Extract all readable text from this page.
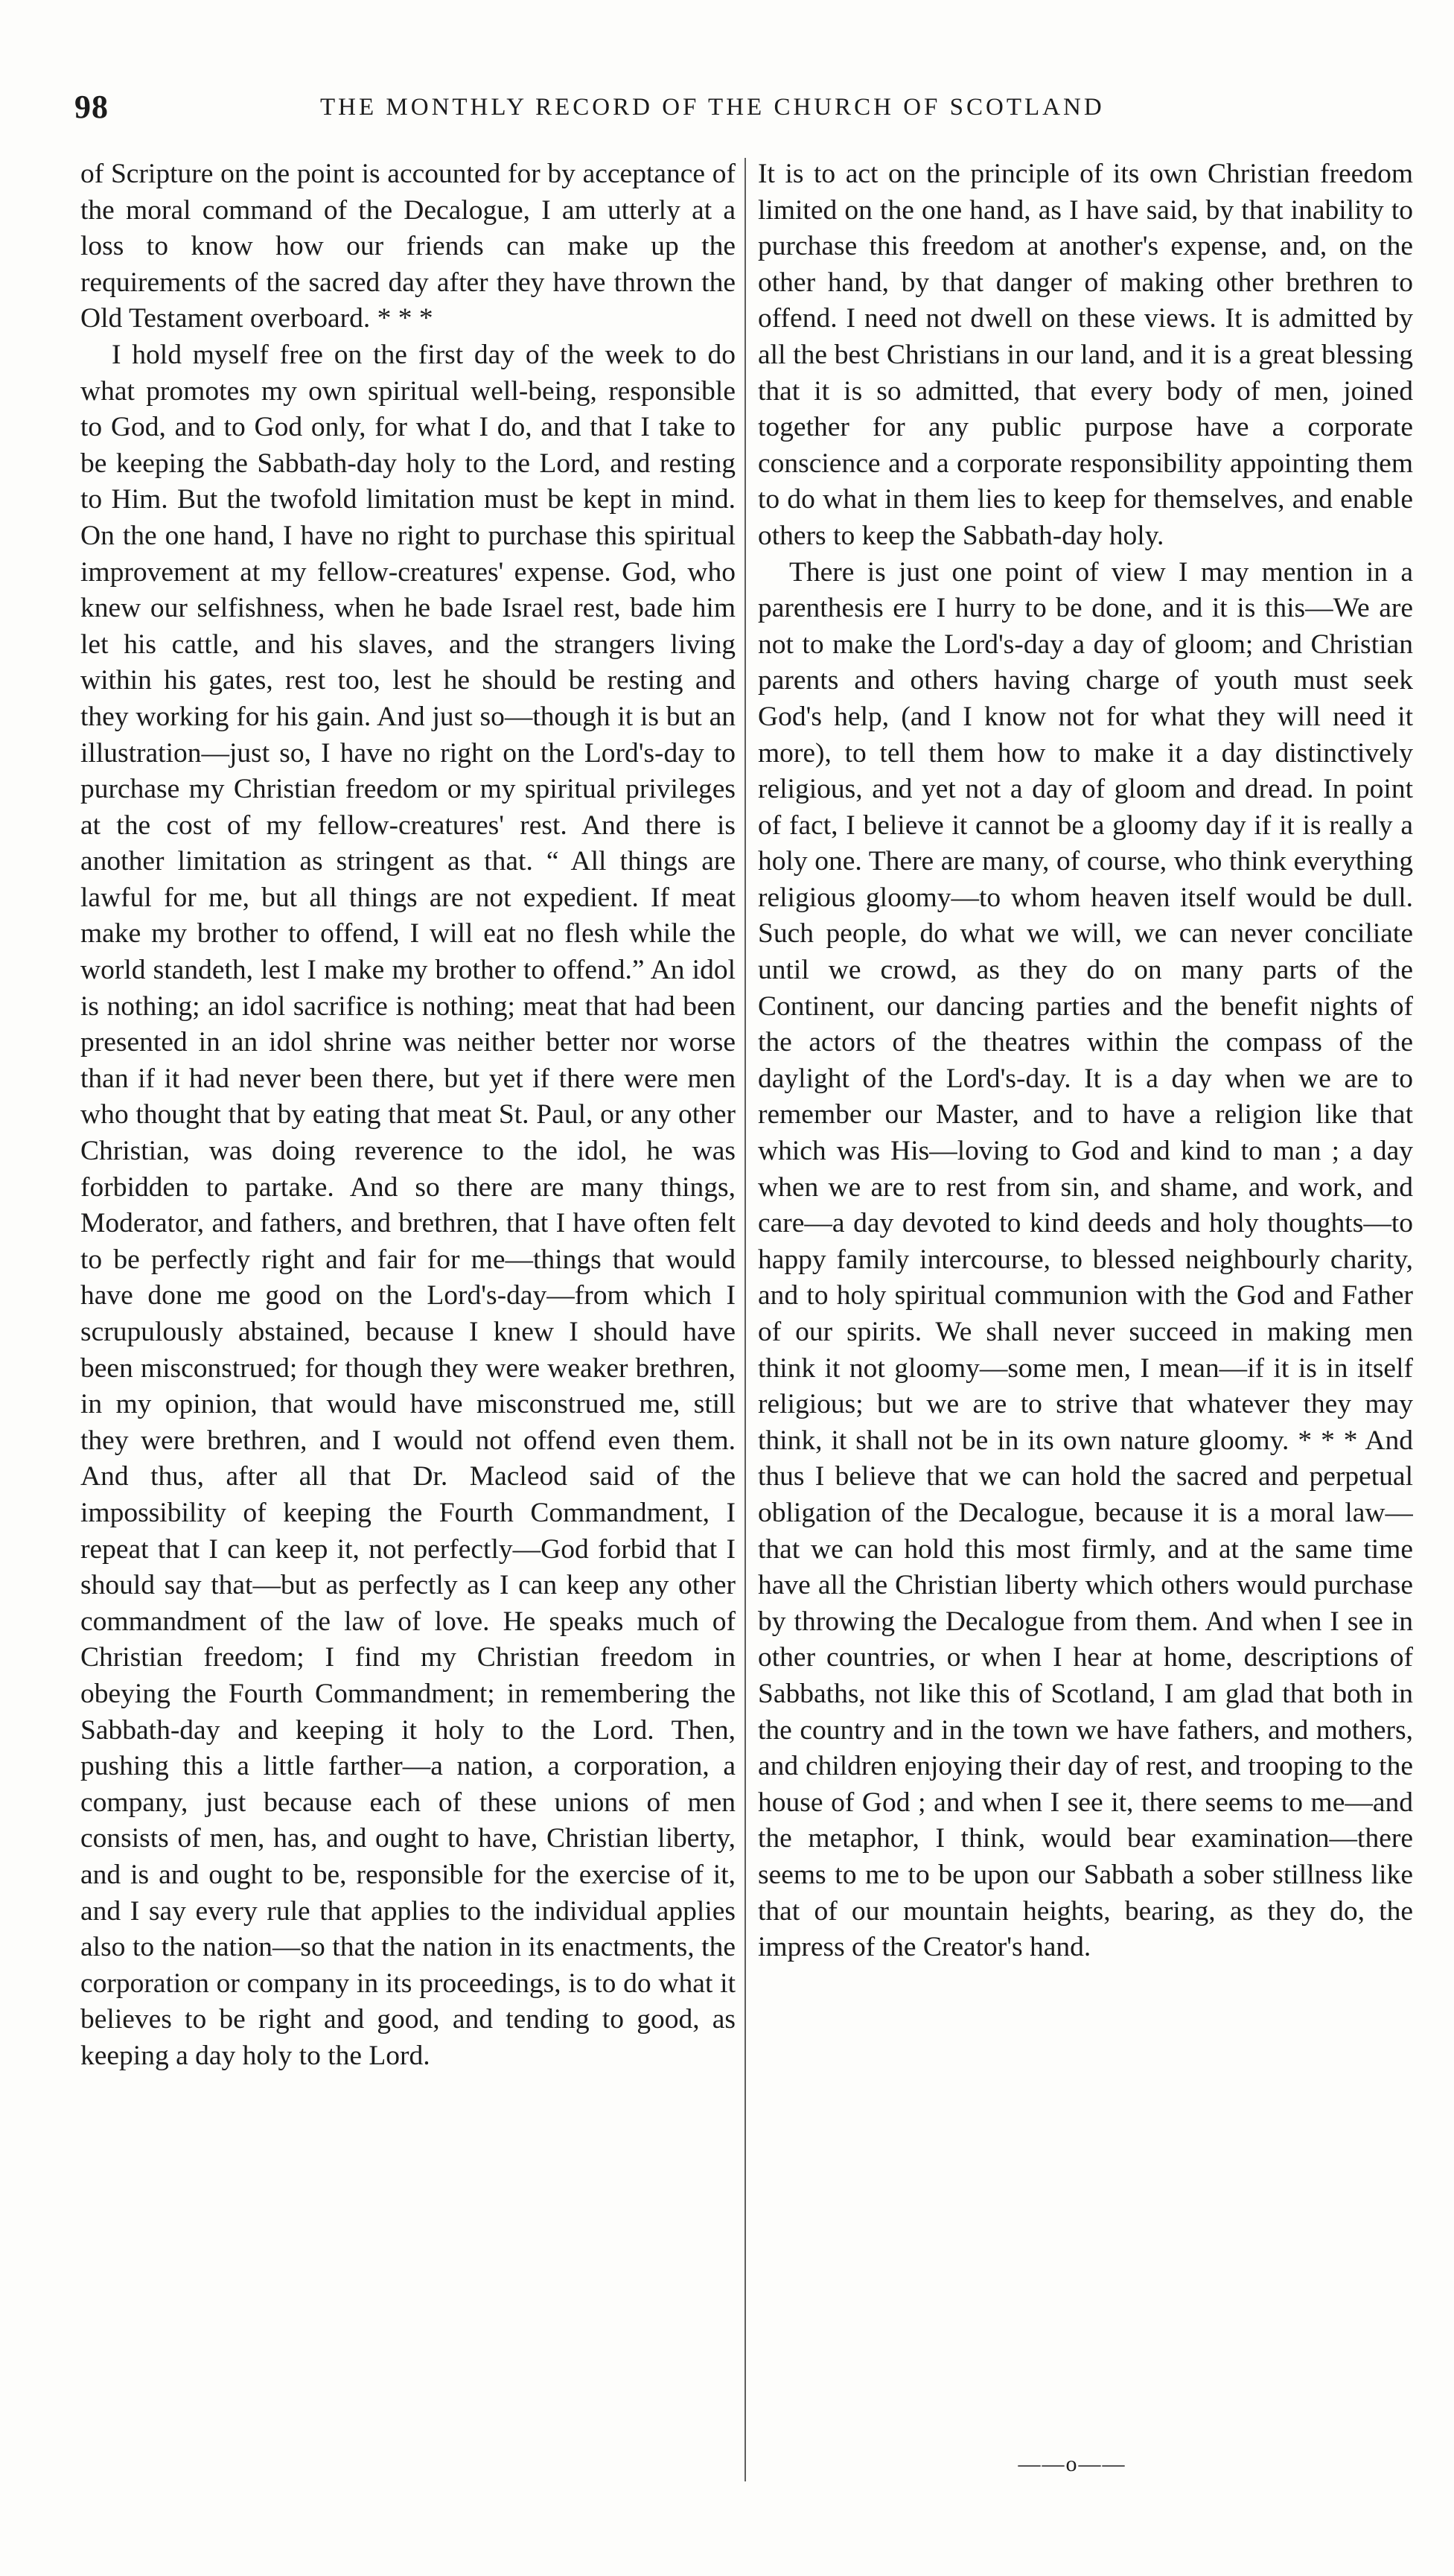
98	THE MONTHLY RECORD OF THE CHURCH OF SCOTLAND

of Scripture on the point is accounted for by acceptance of the moral command of the Decalogue, I am utterly at a loss to know how our friends can make up the requirements of the sacred day after they have thrown the Old Testament overboard. * * *

I hold myself free on the first day of the week to do what promotes my own spiritual well-being, responsible to God, and to God only, for what I do, and that I take to be keeping the Sabbath-day holy to the Lord, and resting to Him. But the twofold limitation must be kept in mind. On the one hand, I have no right to purchase this spiritual improvement at my fellow-creatures' expense. God, who knew our selfishness, when he bade Israel rest, bade him let his cattle, and his slaves, and the strangers living within his gates, rest too, lest he should be resting and they working for his gain. And just so—though it is but an illustration—just so, I have no right on the Lord's-day to purchase my Christian freedom or my spiritual privileges at the cost of my fellow-creatures' rest. And there is another limitation as stringent as that. “ All things are lawful for me, but all things are not expedient. If meat make my brother to offend, I will eat no flesh while the world standeth, lest I make my brother to offend.” An idol is nothing; an idol sacrifice is nothing; meat that had been presented in an idol shrine was neither better nor worse than if it had never been there, but yet if there were men who thought that by eating that meat St. Paul, or any other Christian, was doing reverence to the idol, he was forbidden to partake. And so there are many things, Moderator, and fathers, and brethren, that I have often felt to be perfectly right and fair for me—things that would have done me good on the Lord's-day—from which I scrupulously abstained, because I knew I should have been misconstrued; for though they were weaker brethren, in my opinion, that would have misconstrued me, still they were brethren, and I would not offend even them. And thus, after all that Dr. Macleod said of the impossibility of keeping the Fourth Commandment, I repeat that I can keep it, not perfectly—God forbid that I should say that—but as perfectly as I can keep any other commandment of the law of love. He speaks much of Christian freedom; I find my Christian freedom in obeying the Fourth Commandment; in remembering the Sabbath-day and keeping it holy to the Lord. Then, pushing this a little farther—a nation, a corporation, a company, just because each of these unions of men consists of men, has, and ought to have, Christian liberty, and is and ought to be, responsible for the exercise of it, and I say every rule that applies to the individual applies also to the nation—so that the nation in its enactments, the corporation or company in its proceedings, is to do what it believes to be right and good, and tending to good, as keeping a day holy to the Lord.

It is to act on the principle of its own Christian freedom limited on the one hand, as I have said, by that inability to purchase this freedom at another's expense, and, on the other hand, by that danger of making other brethren to offend. I need not dwell on these views. It is admitted by all the best Christians in our land, and it is a great blessing that it is so admitted, that every body of men, joined together for any public purpose have a corporate conscience and a corporate responsibility appointing them to do what in them lies to keep for themselves, and enable others to keep the Sabbath-day holy.

There is just one point of view I may mention in a parenthesis ere I hurry to be done, and it is this—We are not to make the Lord's-day a day of gloom; and Christian parents and others having charge of youth must seek God's help, (and I know not for what they will need it more), to tell them how to make it a day distinctively religious, and yet not a day of gloom and dread. In point of fact, I believe it cannot be a gloomy day if it is really a holy one. There are many, of course, who think everything religious gloomy—to whom heaven itself would be dull. Such people, do what we will, we can never conciliate until we crowd, as they do on many parts of the Continent, our dancing parties and the benefit nights of the actors of the theatres within the compass of the daylight of the Lord's-day. It is a day when we are to remember our Master, and to have a religion like that which was His—loving to God and kind to man ; a day when we are to rest from sin, and shame, and work, and care—a day devoted to kind deeds and holy thoughts—to happy family intercourse, to blessed neighbourly charity, and to holy spiritual communion with the God and Father of our spirits. We shall never succeed in making men think it not gloomy—some men, I mean—if it is in itself religious; but we are to strive that whatever they may think, it shall not be in its own nature gloomy. * * * And thus I believe that we can hold the sacred and perpetual obligation of the Decalogue, because it is a moral law—that we can hold this most firmly, and at the same time have all the Christian liberty which others would purchase by throwing the Decalogue from them. And when I see in other countries, or when I hear at home, descriptions of Sabbaths, not like this of Scotland, I am glad that both in the country and in the town we have fathers, and mothers, and children enjoying their day of rest, and trooping to the house of God ; and when I see it, there seems to me—and the metaphor, I think, would bear examination—there seems to me to be upon our Sabbath a sober stillness like that of our mountain heights, bearing, as they do, the impress of the Creator's hand.

——o——
